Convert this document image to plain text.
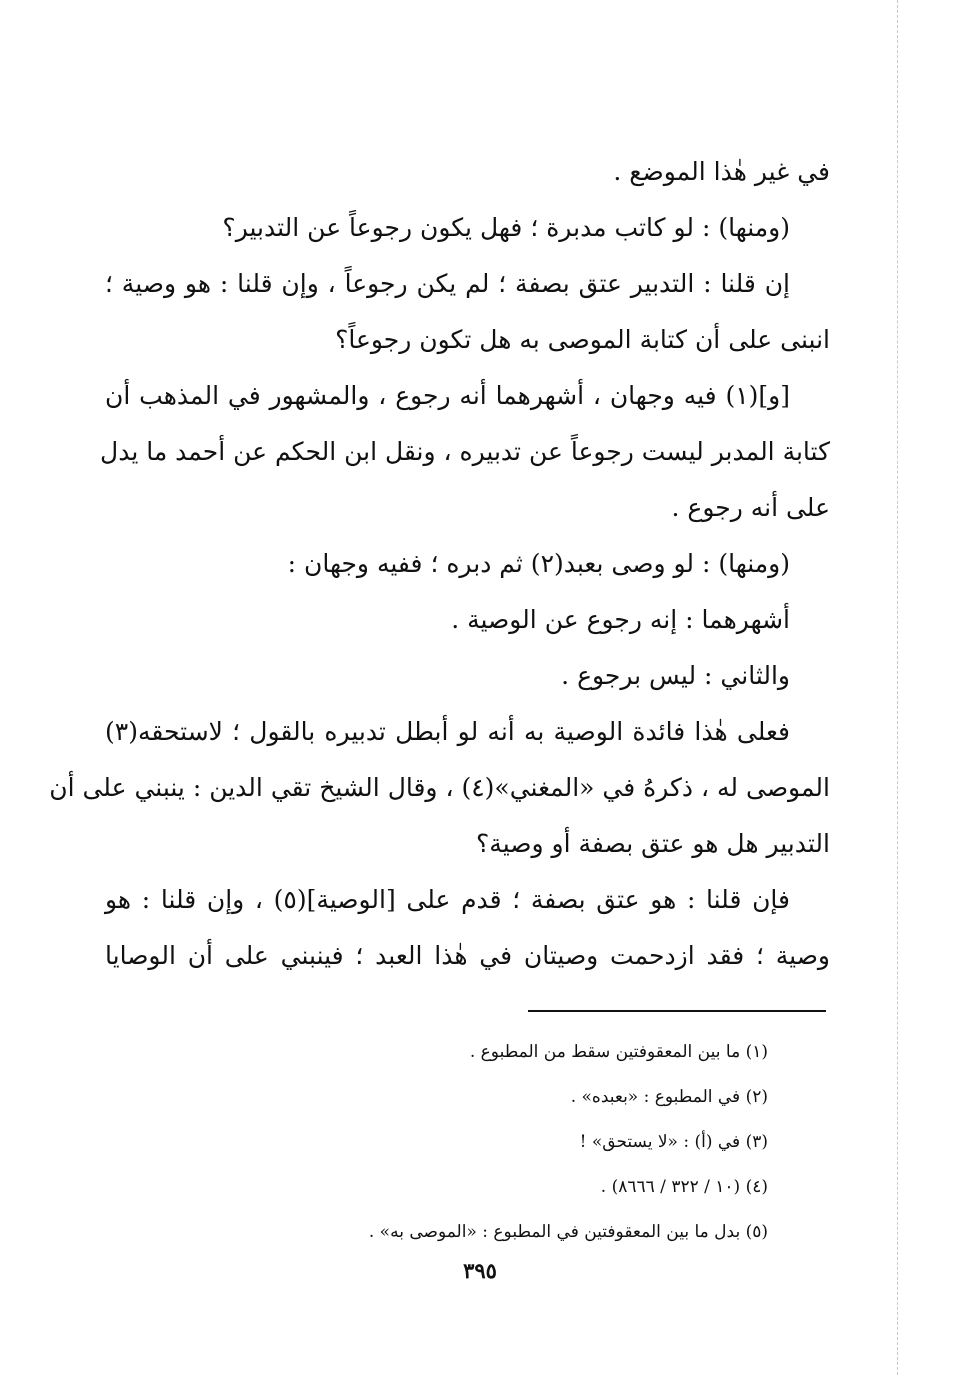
في غير هٰذا الموضع .
(ومنها) : لو كاتب مدبرة ؛ فهل يكون رجوعاً عن التدبير؟
إن قلنا : التدبير عتق بصفة ؛ لم يكن رجوعاً ، وإن قلنا : هو وصية ؛
انبنى على أن كتابة الموصى به هل تكون رجوعاً؟
[و](١) فيه وجهان ، أشهرهما أنه رجوع ، والمشهور في المذهب أن
كتابة المدبر ليست رجوعاً عن تدبيره ، ونقل ابن الحكم عن أحمد ما يدل
على أنه رجوع .
(ومنها) : لو وصى بعبد(٢) ثم دبره ؛ ففيه وجهان :
أشهرهما : إنه رجوع عن الوصية .
والثاني : ليس برجوع .
فعلى هٰذا فائدة الوصية به أنه لو أبطل تدبيره بالقول ؛ لاستحقه(٣)
الموصى له ، ذكرهُ في «المغني»(٤) ، وقال الشيخ تقي الدين : ينبني على أن
التدبير هل هو عتق بصفة أو وصية؟
فإن قلنا : هو عتق بصفة ؛ قدم على [الوصية](٥) ، وإن قلنا : هو
وصية ؛ فقد ازدحمت وصيتان في هٰذا العبد ؛ فينبني على أن الوصايا
(١) ما بين المعقوفتين سقط من المطبوع .
(٢) في المطبوع : «بعبده» .
(٣) في (أ) : «لا يستحق» !
(٤) (١٠ / ٣٢٢ / ٨٦٦٦) .
(٥) بدل ما بين المعقوفتين في المطبوع : «الموصى به» .
٣٩٥
